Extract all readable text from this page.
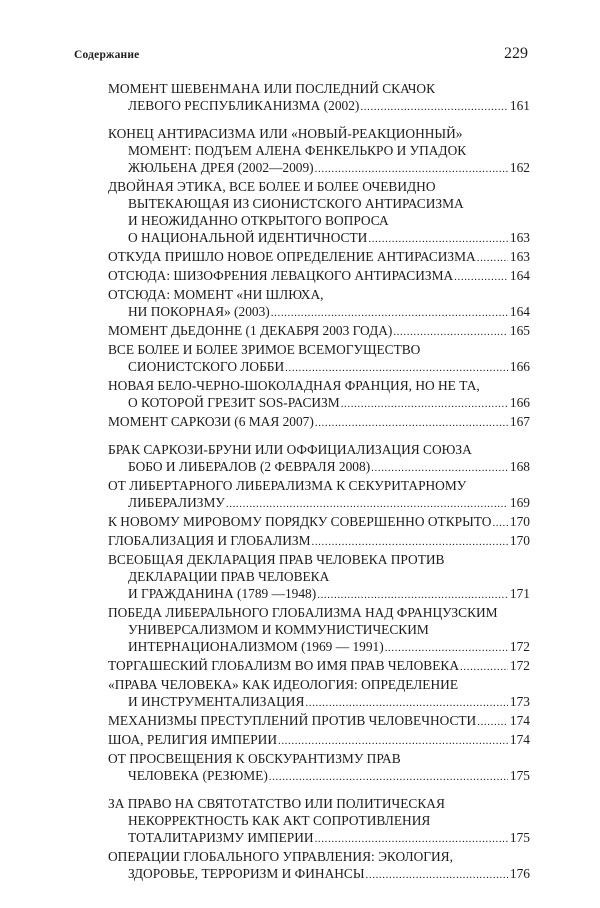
Содержание	229
МОМЕНТ ШЕВЕНМАНА ИЛИ ПОСЛЕДНИЙ СКАЧОК
ЛЕВОГО РЕСПУБЛИКАНИЗМА (2002) .....	161
КОНЕЦ АНТИРАСИЗМА ИЛИ «НОВЫЙ-РЕАКЦИОННЫЙ»
МОМЕНТ: ПОДЪЕМ АЛЕНА ФЕНКЕЛЬКРО И УПАДОК
ЖЮЛЬЕНА ДРЕЯ (2002—2009) .....	162
ДВОЙНАЯ ЭТИКА, ВСЕ БОЛЕЕ И БОЛЕЕ ОЧЕВИДНО
ВЫТЕКАЮЩАЯ ИЗ СИОНИСТСКОГО АНТИРАСИЗМА
И НЕОЖИДАННО ОТКРЫТОГО ВОПРОСА
О НАЦИОНАЛЬНОЙ ИДЕНТИЧНОСТИ .....	163
ОТКУДА ПРИШЛО НОВОЕ ОПРЕДЕЛЕНИЕ АНТИРАСИЗМА .....	163
ОТСЮДА: ШИЗОФРЕНИЯ ЛЕВАЦКОГО АНТИРАСИЗМА .....	164
ОТСЮДА: МОМЕНТ «НИ ШЛЮХА,
НИ ПОКОРНАЯ» (2003) .....	164
МОМЕНТ ДЬЕДОННЕ (1 ДЕКАБРЯ 2003 ГОДА) .....	165
ВСЕ БОЛЕЕ И БОЛЕЕ ЗРИМОЕ ВСЕМОГУЩЕСТВО
СИОНИСТСКОГО ЛОББИ .....	166
НОВАЯ БЕЛО-ЧЕРНО-ШОКОЛАДНАЯ ФРАНЦИЯ, НО НЕ ТА,
О КОТОРОЙ ГРЕЗИТ SOS-РАСИЗМ .....	166
МОМЕНТ САРКОЗИ (6 МАЯ 2007) .....	167
БРАК САРКОЗИ-БРУНИ ИЛИ ОФФИЦИАЛИЗАЦИЯ СОЮЗА
БОБО И ЛИБЕРАЛОВ (2 ФЕВРАЛЯ 2008) .....	168
ОТ ЛИБЕРТАРНОГО ЛИБЕРАЛИЗМА К СЕКУРИТАРНОМУ
ЛИБЕРАЛИЗМУ .....	169
К НОВОМУ МИРОВОМУ ПОРЯДКУ СОВЕРШЕННО ОТКРЫТО ..... 170
ГЛОБАЛИЗАЦИЯ И ГЛОБАЛИЗМ .....	170
ВСЕОБЩАЯ ДЕКЛАРАЦИЯ ПРАВ ЧЕЛОВЕКА ПРОТИВ
ДЕКЛАРАЦИИ ПРАВ ЧЕЛОВЕКА
И ГРАЖДАНИНА (1789 —1948) .....	171
ПОБЕДА ЛИБЕРАЛЬНОГО ГЛОБАЛИЗМА НАД ФРАНЦУЗСКИМ
УНИВЕРСАЛИЗМОМ И КОММУНИСТИЧЕСКИМ
ИНТЕРНАЦИОНАЛИЗМОМ (1969 — 1991) .....	172
ТОРГАШЕСКИЙ ГЛОБАЛИЗМ ВО ИМЯ ПРАВ ЧЕЛОВЕКА .....	172
«ПРАВА ЧЕЛОВЕКА» КАК ИДЕОЛОГИЯ: ОПРЕДЕЛЕНИЕ
И ИНСТРУМЕНТАЛИЗАЦИЯ .....	173
МЕХАНИЗМЫ ПРЕСТУПЛЕНИЙ ПРОТИВ ЧЕЛОВЕЧНОСТИ .....	174
ШОА, РЕЛИГИЯ ИМПЕРИИ .....	174
ОТ ПРОСВЕЩЕНИЯ К ОБСКУРАНТИЗМУ ПРАВ
ЧЕЛОВЕКА (РЕЗЮМЕ) .....	175
ЗА ПРАВО НА СВЯТОТАТСТВО ИЛИ ПОЛИТИЧЕСКАЯ
НЕКОРРЕКТНОСТЬ КАК АКТ СОПРОТИВЛЕНИЯ
ТОТАЛИТАРИЗМУ ИМПЕРИИ .....	175
ОПЕРАЦИИ ГЛОБАЛЬНОГО УПРАВЛЕНИЯ: ЭКОЛОГИЯ,
ЗДОРОВЬЕ, ТЕРРОРИЗМ И ФИНАНСЫ .....	176
